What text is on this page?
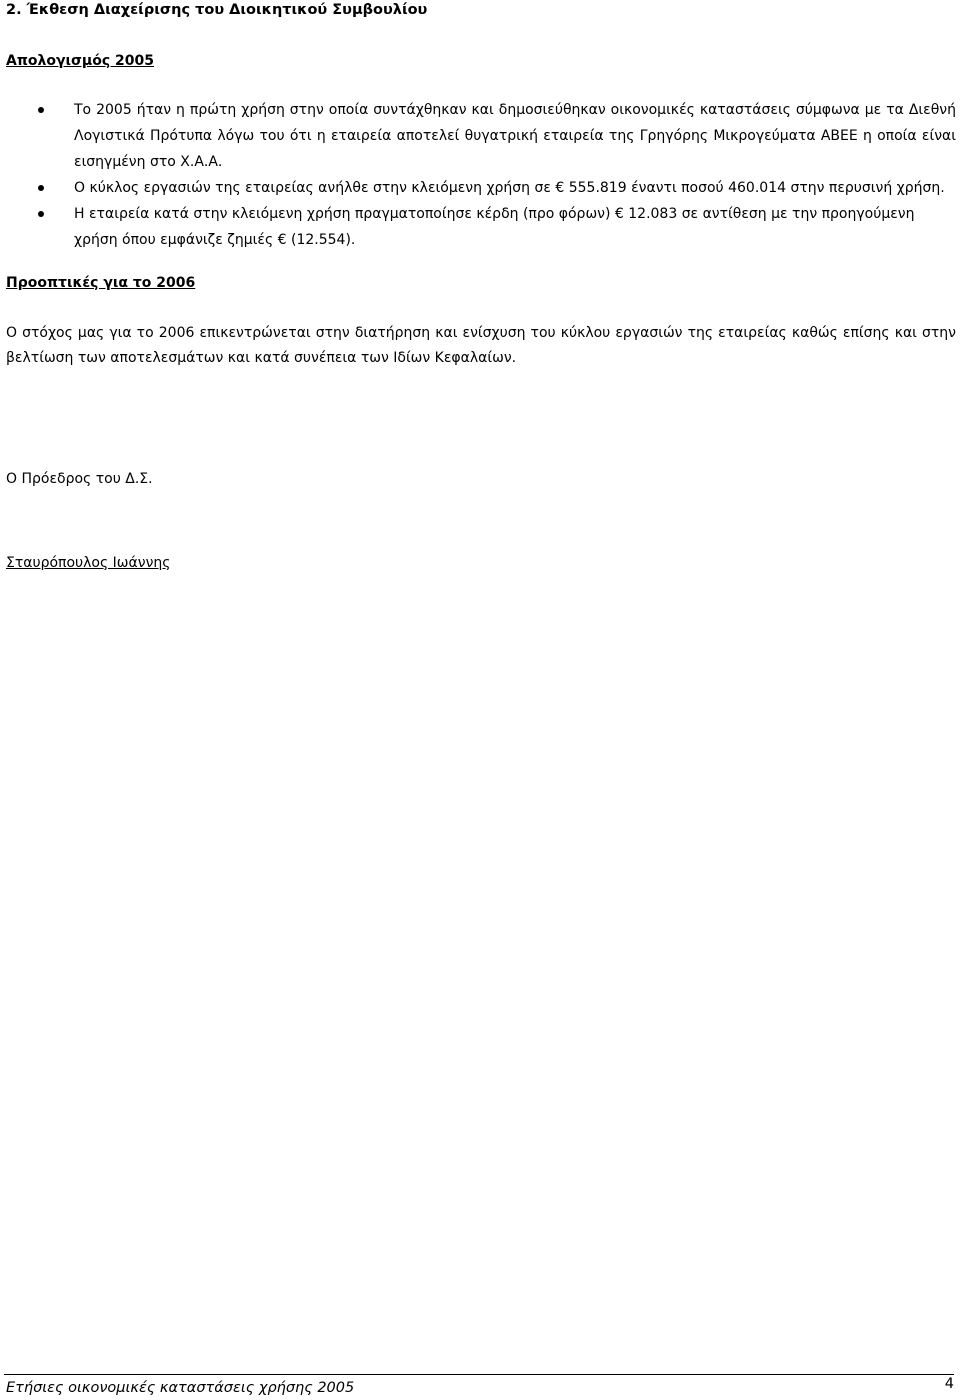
2. Έκθεση Διαχείρισης του Διοικητικού Συμβουλίου
Απολογισμός 2005
Το 2005 ήταν η πρώτη χρήση στην οποία συντάχθηκαν και δημοσιεύθηκαν οικονομικές καταστάσεις σύμφωνα με τα Διεθνή Λογιστικά Πρότυπα λόγω του ότι η εταιρεία αποτελεί θυγατρική εταιρεία της Γρηγόρης Μικρογεύματα ΑΒΕΕ η οποία είναι εισηγμένη στο Χ.Α.Α.
Ο κύκλος εργασιών της εταιρείας ανήλθε στην κλειόμενη χρήση σε € 555.819 έναντι ποσού 460.014 στην περυσινή χρήση.
Η εταιρεία κατά στην κλειόμενη χρήση πραγματοποίησε κέρδη (προ φόρων) € 12.083 σε αντίθεση με την προηγούμενη χρήση όπου εμφάνιζε ζημιές € (12.554).
Προοπτικές για το 2006

Ο στόχος μας για το 2006 επικεντρώνεται στην διατήρηση και ενίσχυση του κύκλου εργασιών της εταιρείας καθώς επίσης και στην βελτίωση των αποτελεσμάτων και κατά συνέπεια των Ιδίων Κεφαλαίων.

Ο Πρόεδρος του Δ.Σ.
Σταυρόπουλος Ιωάννης
Ετήσιες οικονομικές καταστάσεις χρήσης 2005	4
